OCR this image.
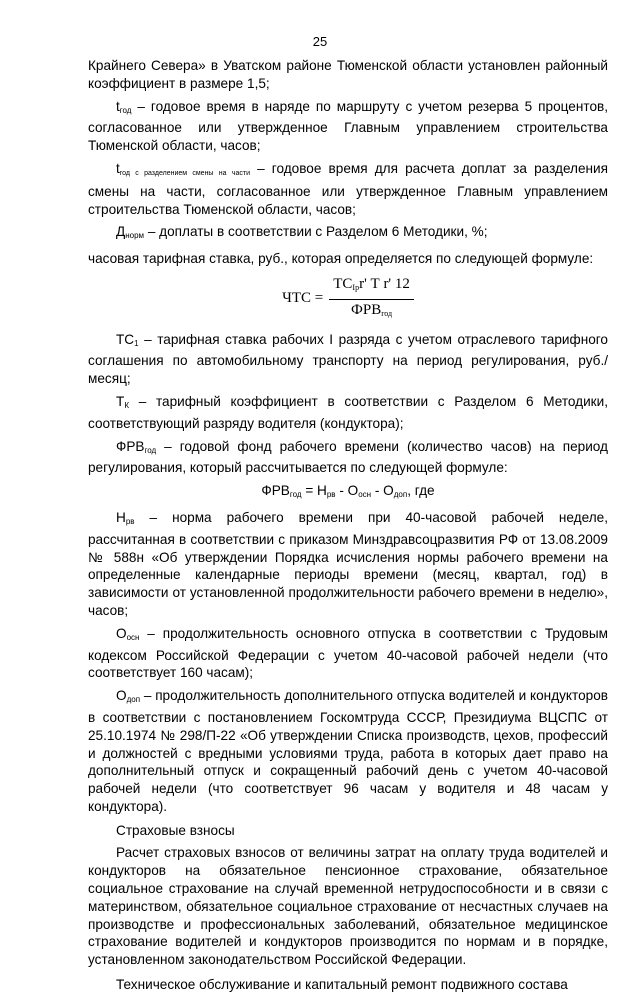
25

Крайнего Севера» в Уватском районе Тюменской области установлен районный коэффициент в размере 1,5;

$t_{год}$ – годовое время в наряде по маршруту с учетом резерва 5 процентов, согласованное или утвержденное Главным управлением строительства Тюменской области, часов;

$t_{год с разделением смены на части}$ – годовое время для расчета доплат за разделения смены на части, согласованное или утвержденное Главным управлением строительства Тюменской области, часов;

$Д_{норм}$ – доплаты в соответствии с Разделом 6 Методики, %;

часовая тарифная ставка, руб., которая определяется по следующей формуле:

ЧТС = $\frac{ТС_{Iр}r' Т r' 12}{ФРВ_{год}}$

$ТС_1$ – тарифная ставка рабочих I разряда с учетом отраслевого тарифного соглашения по автомобильному транспорту на период регулирования, руб./месяц;

$Т_К$ – тарифный коэффициент в соответствии с Разделом 6 Методики, соответствующий разряду водителя (кондуктора);

$ФРВ_{год}$ – годовой фонд рабочего времени (количество часов) на период регулирования, который рассчитывается по следующей формуле:

$ФРВ_{год} = Н_{рв} - О_{осн} - О_{доп}$, где

$Н_{рв}$ – норма рабочего времени при 40-часовой рабочей неделе, рассчитанная в соответствии с приказом Минздравсоцразвития РФ от 13.08.2009 № 588н «Об утверждении Порядка исчисления нормы рабочего времени на определенные календарные периоды времени (месяц, квартал, год) в зависимости от установленной продолжительности рабочего времени в неделю», часов;

$О_{осн}$ – продолжительность основного отпуска в соответствии с Трудовым кодексом Российской Федерации с учетом 40-часовой рабочей недели (что соответствует 160 часам);

$О_{доп}$ – продолжительность дополнительного отпуска водителей и кондукторов в соответствии с постановлением Госкомтруда СССР, Президиума ВЦСПС от 25.10.1974 № 298/П-22 «Об утверждении Списка производств, цехов, профессий и должностей с вредными условиями труда, работа в которых дает право на дополнительный отпуск и сокращенный рабочий день с учетом 40-часовой рабочей недели (что соответствует 96 часам у водителя и 48 часам у кондуктора).

Страховые взносы

Расчет страховых взносов от величины затрат на оплату труда водителей и кондукторов на обязательное пенсионное страхование, обязательное социальное страхование на случай временной нетрудоспособности и в связи с материнством, обязательное социальное страхование от несчастных случаев на производстве и профессиональных заболеваний, обязательное медицинское страхование водителей и кондукторов производится по нормам и в порядке, установленном законодательством Российской Федерации.

Техническое обслуживание и капитальный ремонт подвижного состава
